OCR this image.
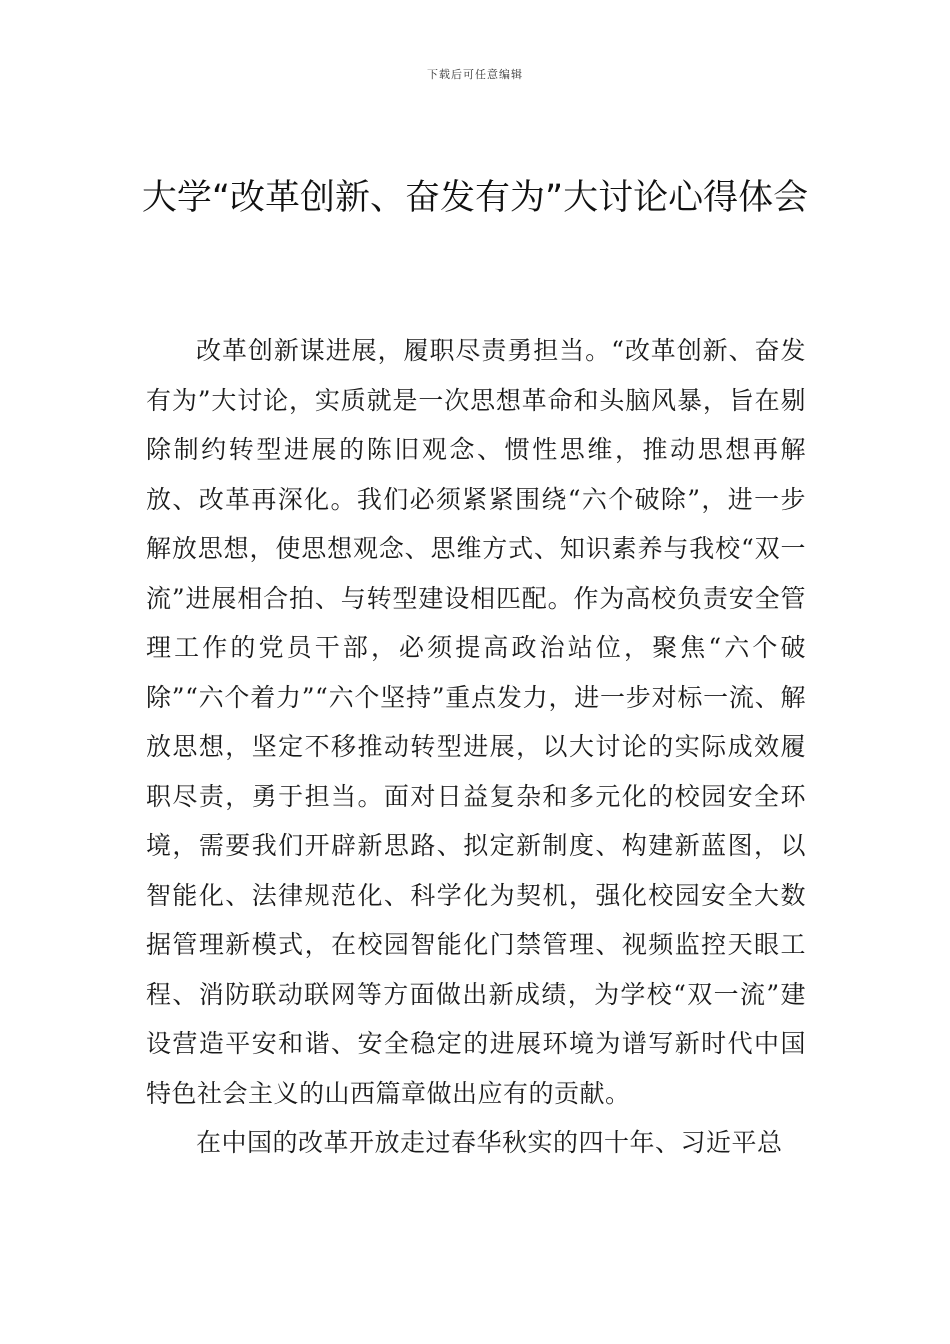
下载后可任意编辑
大学“改革创新、奋发有为”大讨论心得体会

改革创新谋进展，履职尽责勇担当。“改革创新、奋发有为”大讨论，实质就是一次思想革命和头脑风暴，旨在剔除制约转型进展的陈旧观念、惯性思维，推动思想再解放、改革再深化。我们必须紧紧围绕“六个破除”，进一步解放思想，使思想观念、思维方式、知识素养与我校“双一流”进展相合拍、与转型建设相匹配。作为高校负责安全管理工作的党员干部，必须提高政治站位，聚焦“六个破除”“六个着力”“六个坚持”重点发力，进一步对标一流、解放思想，坚定不移推动转型进展，以大讨论的实际成效履职尽责，勇于担当。面对日益复杂和多元化的校园安全环境，需要我们开辟新思路、拟定新制度、构建新蓝图，以智能化、法律规范化、科学化为契机，强化校园安全大数据管理新模式，在校园智能化门禁管理、视频监控天眼工程、消防联动联网等方面做出新成绩，为学校“双一流”建设营造平安和谐、安全稳定的进展环境为谱写新时代中国特色社会主义的山西篇章做出应有的贡献。

在中国的改革开放走过春华秋实的四十年、习近平总
